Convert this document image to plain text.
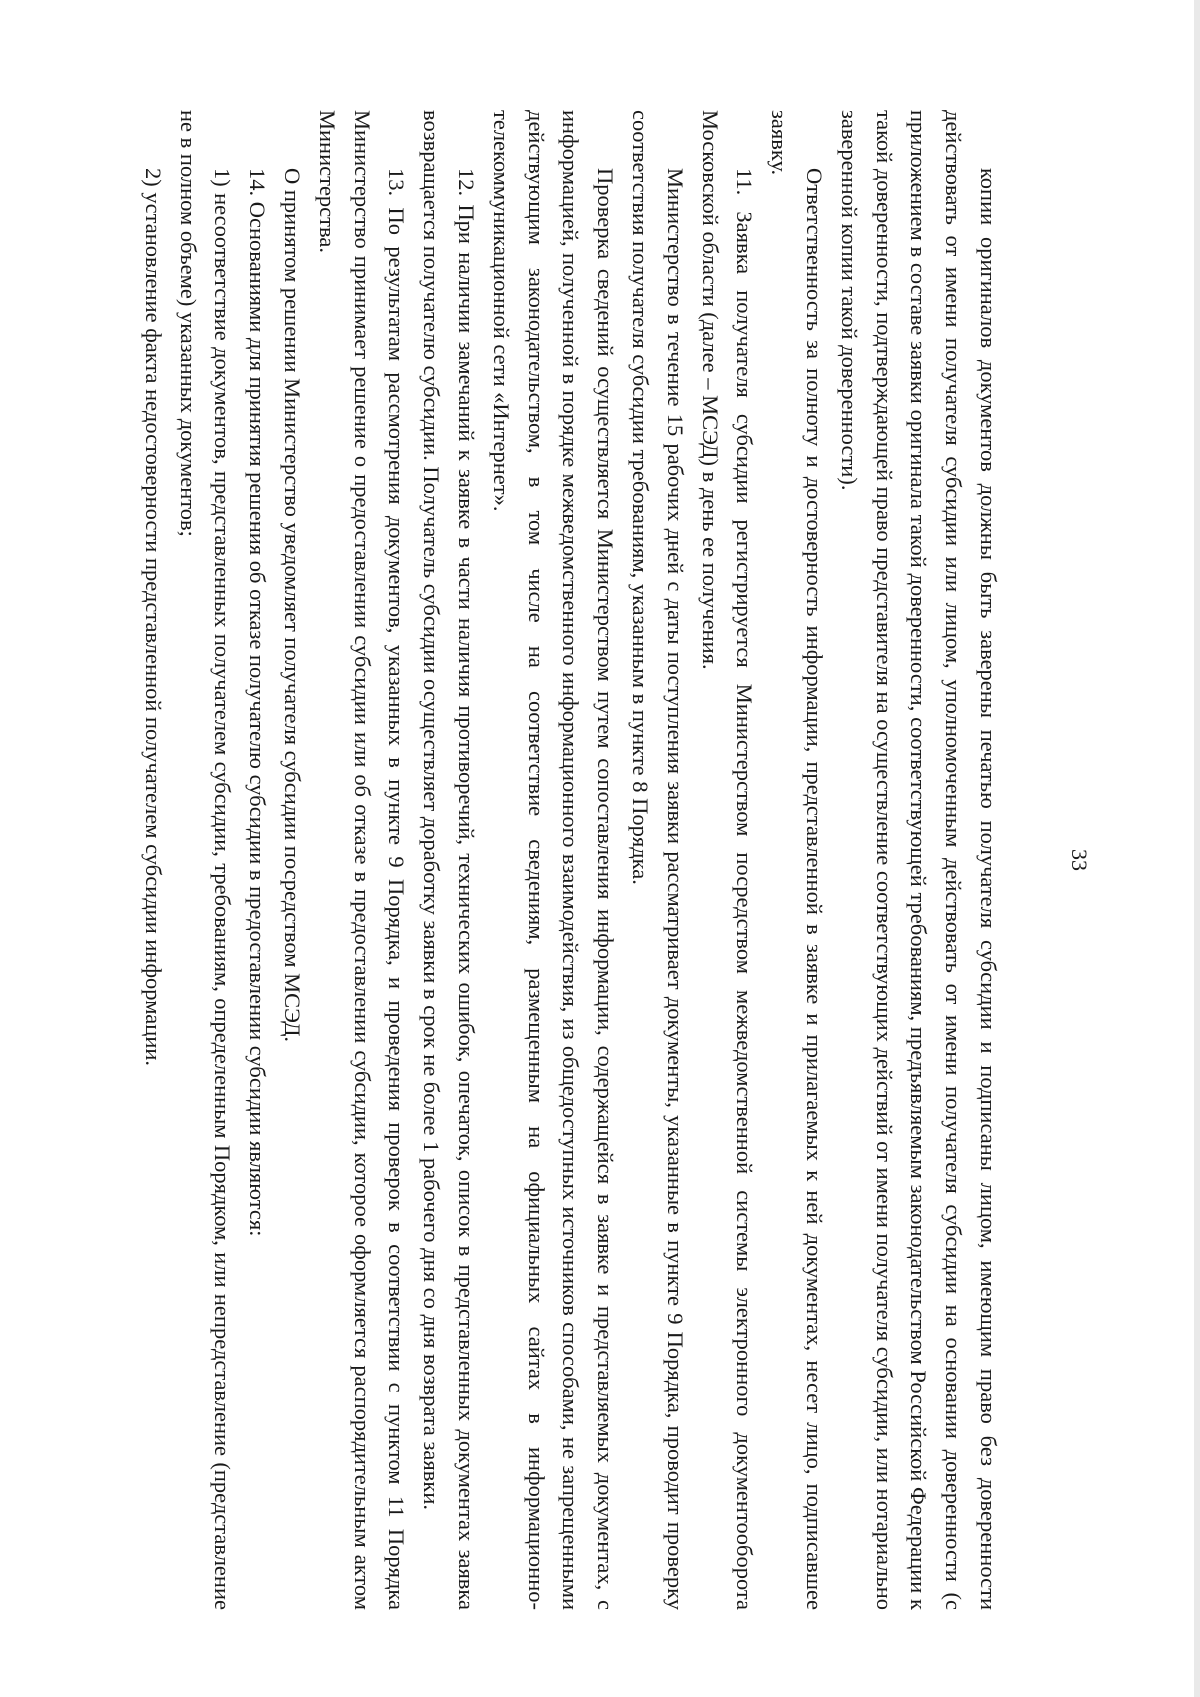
33

копии оригиналов документов должны быть заверены печатью получателя субсидии и подписаны лицом, имеющим право без доверенности действовать от имени получателя субсидии или лицом, уполномоченным действовать от имени получателя субсидии на основании доверенности (с приложением в составе заявки оригинала такой доверенности, соответствующей требованиям, предъявляемым законодательством Российской Федерации к такой доверенности, подтверждающей право представителя на осуществление соответствующих действий от имени получателя субсидии, или нотариально заверенной копии такой доверенности).

Ответственность за полноту и достоверность информации, представленной в заявке и прилагаемых к ней документах, несет лицо, подписавшее заявку.

11. Заявка получателя субсидии регистрируется Министерством посредством межведомственной системы электронного документооборота Московской области (далее – МСЭД) в день ее получения.

Министерство в течение 15 рабочих дней с даты поступления заявки рассматривает документы, указанные в пункте 9 Порядка, проводит проверку соответствия получателя субсидии требованиям, указанным в пункте 8 Порядка.

Проверка сведений осуществляется Министерством путем сопоставления информации, содержащейся в заявке и представляемых документах, с информацией, полученной в порядке межведомственного информационного взаимодействия, из общедоступных источников способами, не запрещенными действующим законодательством, в том числе на соответствие сведениям, размещенным на официальных сайтах в информационно-телекоммуникационной сети «Интернет».

12. При наличии замечаний к заявке в части наличия противоречий, технических ошибок, опечаток, описок в представленных документах заявка возвращается получателю субсидии. Получатель субсидии осуществляет доработку заявки в срок не более 1 рабочего дня со дня возврата заявки.

13. По результатам рассмотрения документов, указанных в пункте 9 Порядка, и проведения проверок в соответствии с пунктом 11 Порядка Министерство принимает решение о предоставлении субсидии или об отказе в предоставлении субсидии, которое оформляется распорядительным актом Министерства.

О принятом решении Министерство уведомляет получателя субсидии посредством МСЭД.

14. Основаниями для принятия решения об отказе получателю субсидии в предоставлении субсидии являются:

1) несоответствие документов, представленных получателем субсидии, требованиям, определенным Порядком, или непредставление (представление не в полном объеме) указанных документов;

2) установление факта недостоверности представленной получателем субсидии информации.
